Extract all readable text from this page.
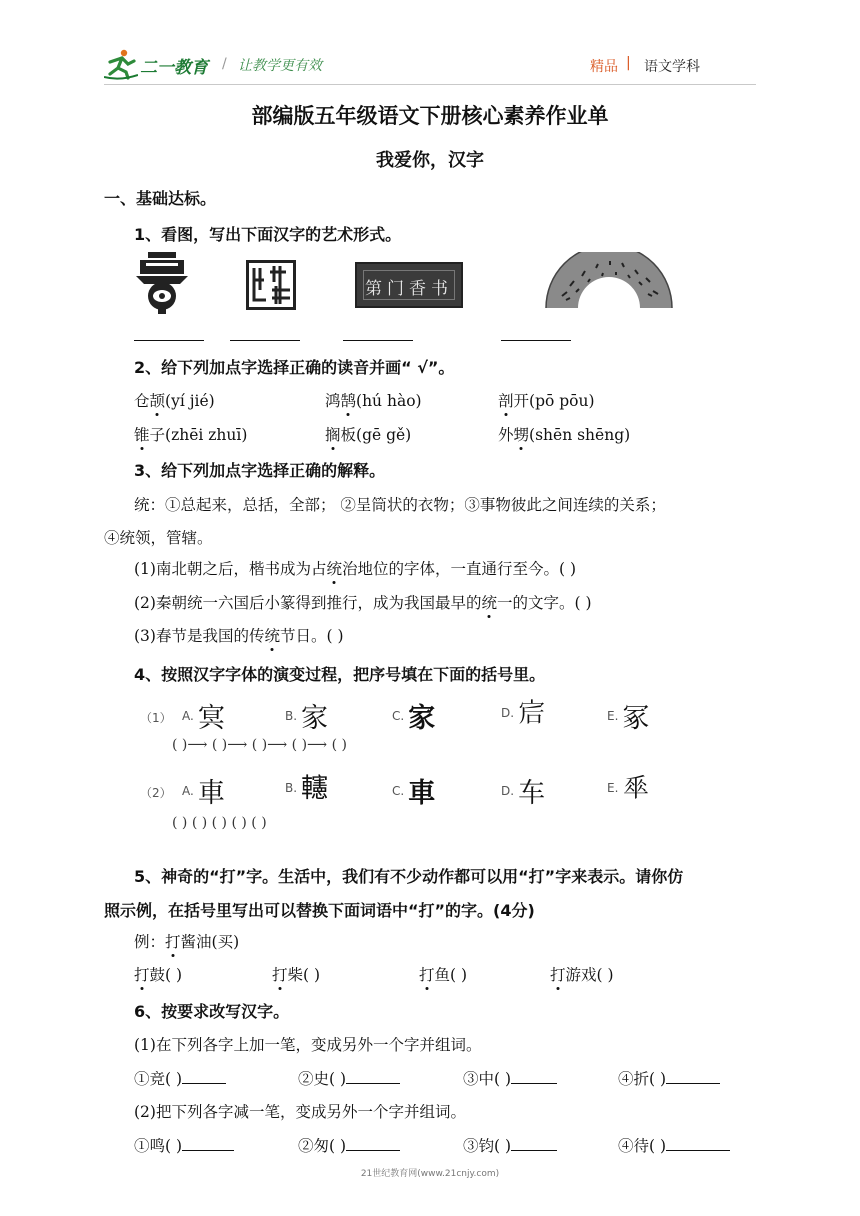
二一教育 / 让教学更有效	精品 | 语文学科
部编版五年级语文下册核心素养作业单
我爱你，汉字
一、基础达标。
1、看图，写出下面汉字的艺术形式。
第门香书
2、给下列加点字选择正确的读音并画“ √”。
仓颉(yí jié)	鸿鹄(hú hào)	剖开(pō pōu)
锥子(zhēi zhuī)	搁板(gē gě)	外甥(shēn shēng)
3、给下列加点字选择正确的解释。
统：①总起来，总括，全部； ②呈筒状的衣物；③事物彼此之间连续的关系；
④统领，管辖。
(1)南北朝之后，楷书成为占统治地位的字体，一直通行至今。( )
(2)秦朝统一六国后小篆得到推行，成为我国最早的统一的文字。( )
(3)春节是我国的传统节日。( )
4、按照汉字字体的演变过程，把序号填在下面的括号里。
（1） A. 㝠	B. 家	C. 家	D. 𡧻	E. 冢
( )⟶ ( )⟶ ( )⟶ ( )⟶ ( )
（2） A. 車	B. 𨏥	C. 車	D. 车	E. 𠦬
( ) ( ) ( ) ( ) ( )
5、神奇的“打”字。生活中，我们有不少动作都可以用“打”字来表示。请你仿
照示例，在括号里写出可以替换下面词语中“打”的字。(4分)
例：打酱油(买)
打鼓( )	打柴( )	打鱼( )	打游戏( )
6、按要求改写汉字。
(1)在下列各字上加一笔，变成另外一个字并组词。
①竞( )	②史( )	③中( )	④折( )
(2)把下列各字减一笔，变成另外一个字并组词。
①鸣( )	②匆( )	③钧( )	④待( )
21世纪教育网(www.21cnjy.com)
